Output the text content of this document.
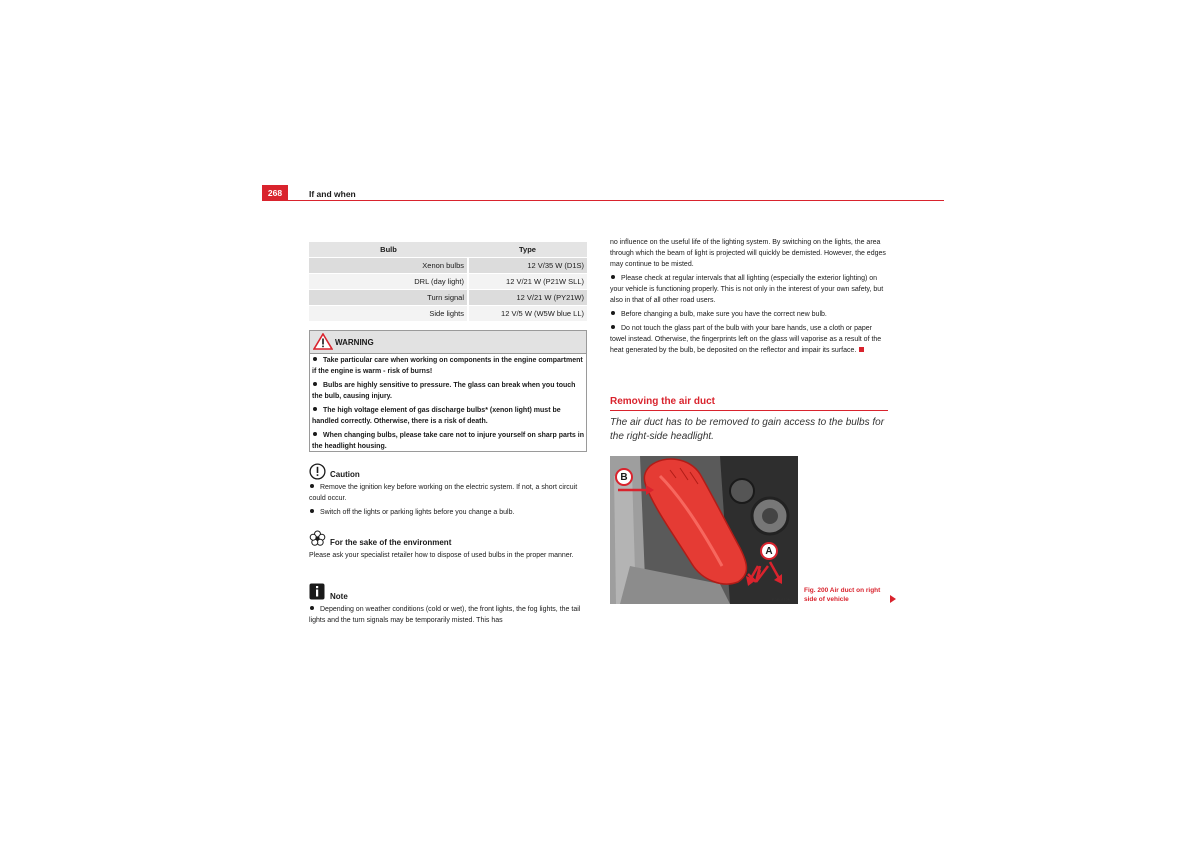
268	If and when
Bulb	Type
Xenon bulbs	12 V/35 W (D1S)
DRL (day light)	12 V/21 W (P21W SLL)
Turn signal	12 V/21 W (PY21W)
Side lights	12 V/5 W (W5W blue LL)
WARNING
Take particular care when working on components in the engine compartment if the engine is warm - risk of burns!
Bulbs are highly sensitive to pressure. The glass can break when you touch the bulb, causing injury.
The high voltage element of gas discharge bulbs* (xenon light) must be handled correctly. Otherwise, there is a risk of death.
When changing bulbs, please take care not to injure yourself on sharp parts in the headlight housing.
Caution
Remove the ignition key before working on the electric system. If not, a short circuit could occur.
Switch off the lights or parking lights before you change a bulb.
For the sake of the environment
Please ask your specialist retailer how to dispose of used bulbs in the proper manner.
Note
Depending on weather conditions (cold or wet), the front lights, the fog lights, the tail lights and the turn signals may be temporarily misted. This has
no influence on the useful life of the lighting system. By switching on the lights, the area through which the beam of light is projected will quickly be demisted. However, the edges may continue to be misted.
Please check at regular intervals that all lighting (especially the exterior lighting) on your vehicle is functioning properly. This is not only in the interest of your own safety, but also in that of all other road users.
Before changing a bulb, make sure you have the correct new bulb.
Do not touch the glass part of the bulb with your bare hands, use a cloth or paper towel instead. Otherwise, the fingerprints left on the glass will vaporise as a result of the heat generated by the bulb, be deposited on the reflector and impair its surface.
Removing the air duct
The air duct has to be removed to gain access to the bulbs for the right-side headlight.
B
A
B3R-0129
Fig. 200 Air duct on right
side of vehicle
